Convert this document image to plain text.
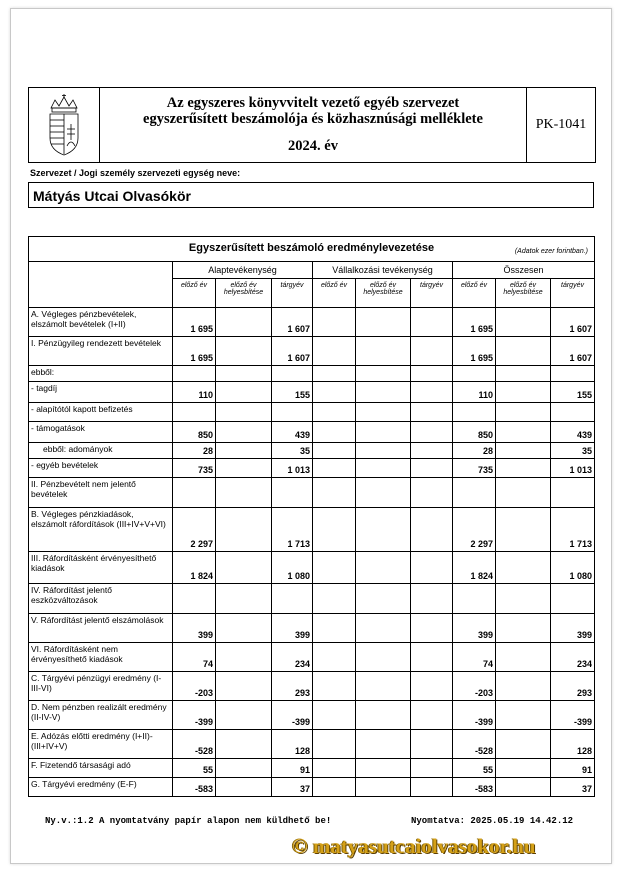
Az egyszeres könyvvitelt vezető egyéb szervezet
egyszerűsített beszámolója és közhasznúsági melléklete
2024. év
PK-1041
Szervezet / Jogi személy szervezeti egység neve:
Mátyás Utcai Olvasókör
Egyszerűsített beszámoló eredménylevezetése (Adatok ezer forintban.)									

	Alaptevékenység			Vállalkozási tevékenység			Összesen		
	előző év	előző év helyesbítése	tárgyév	előző év	előző év helyesbítése	tárgyév	előző év	előző év helyesbítése	tárgyév
A. Végleges pénzbevételek, elszámolt bevételek (I+II)	1 695		1 607				1 695		1 607
I. Pénzügyileg rendezett bevételek	1 695		1 607				1 695		1 607
ebből:									
- tagdíj	110		155				110		155
- alapítótól kapott befizetés									
- támogatások	850		439				850		439
ebből: adományok	28		35				28		35
- egyéb bevételek	735		1 013				735		1 013
II. Pénzbevételt nem jelentő bevételek									
B. Végleges pénzkiadások, elszámolt ráfordítások (III+IV+V+VI)	2 297		1 713				2 297		1 713
III. Ráfordításként érvényesíthető kiadások	1 824		1 080				1 824		1 080
IV. Ráfordítást jelentő eszközváltozások									
V. Ráfordítást jelentő elszámolások	399		399				399		399
VI. Ráfordításként nem érvényesíthető kiadások	74		234				74		234
C. Tárgyévi pénzügyi eredmény (I-III-VI)	-203		293				-203		293
D. Nem pénzben realizált eredmény (II-IV-V)	-399		-399				-399		-399
E. Adózás előtti eredmény (I+II)-(III+IV+V)	-528		128				-528		128
F. Fizetendő társasági adó	55		91				55		91
G. Tárgyévi eredmény (E-F)	-583		37				-583		37
Ny.v.:1.2 A nyomtatvány papír alapon nem küldhető be!	Nyomtatva: 2025.05.19 14.42.12
© matyasutcaiolvasokor.hu
